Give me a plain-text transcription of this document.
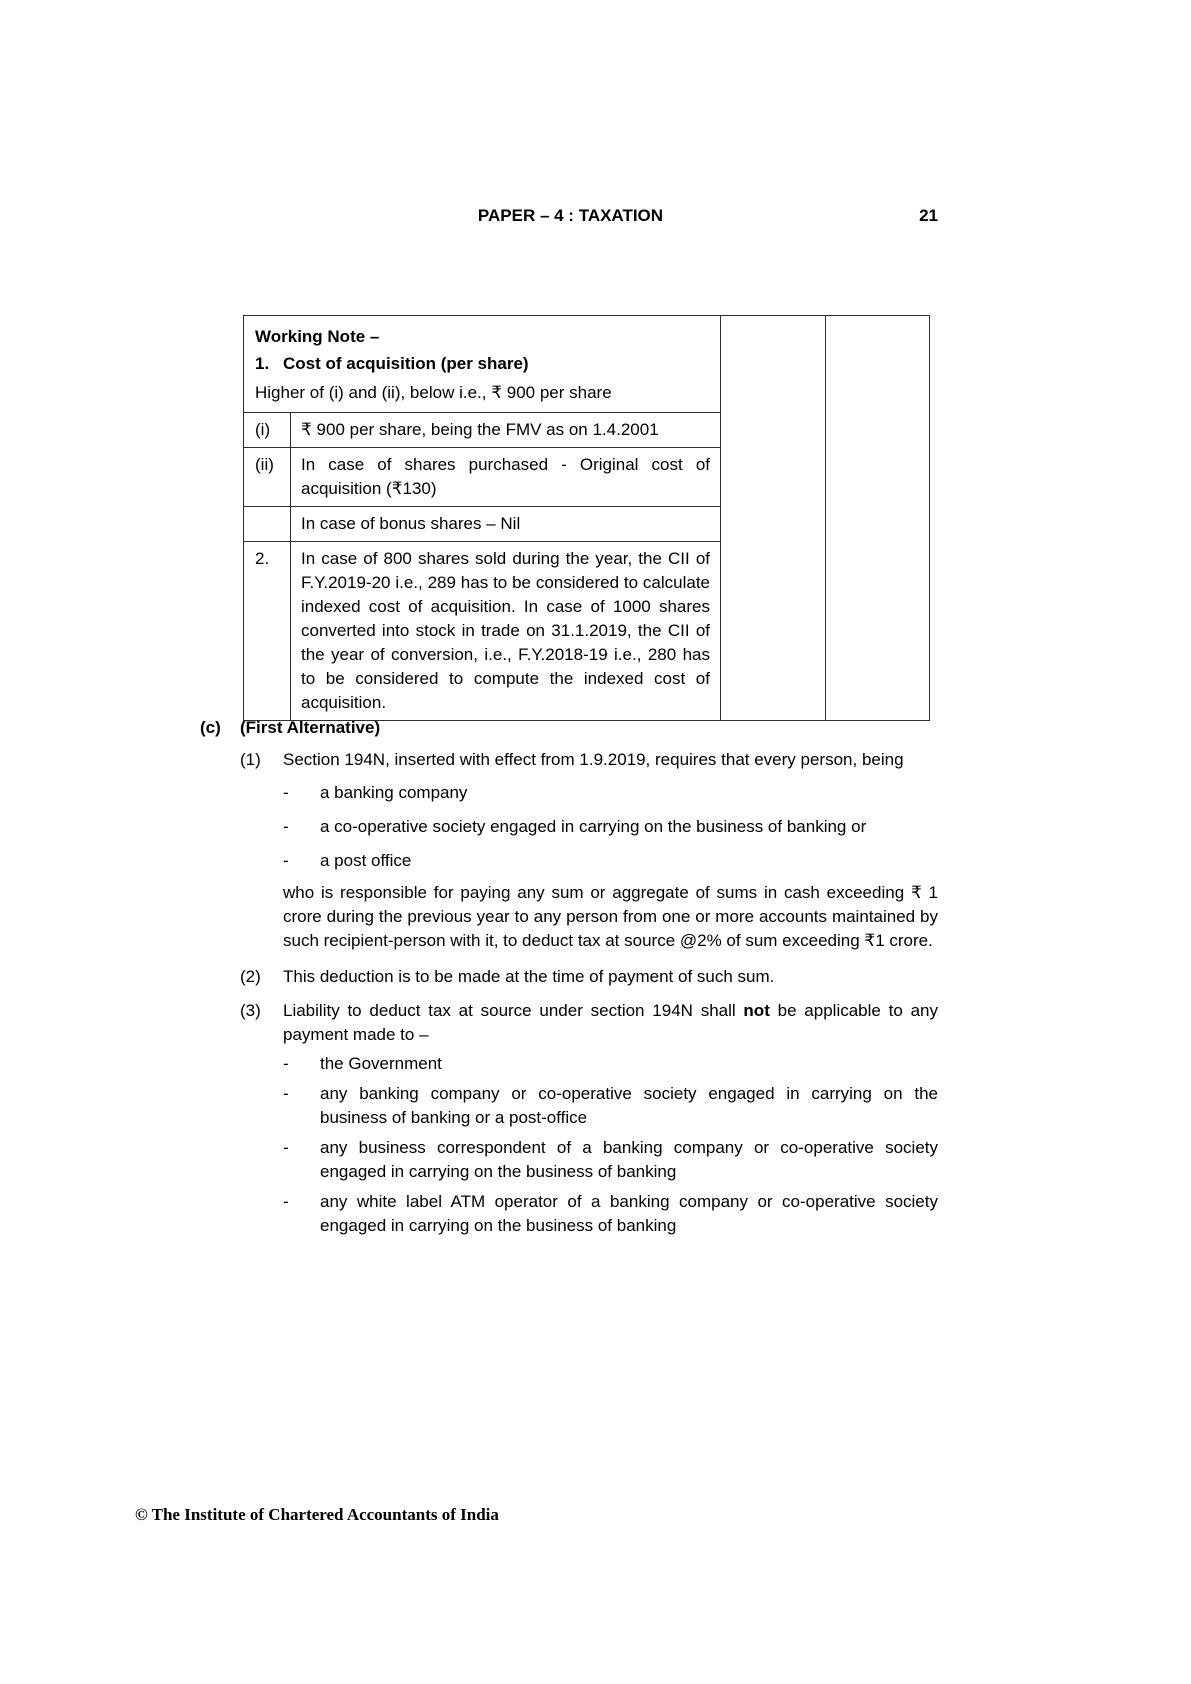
PAPER – 4 : TAXATION	21
Working Note –
1. Cost of acquisition (per share)
Higher of (i) and (ii), below i.e., ₹ 900 per share
(i)	₹ 900 per share, being the FMV as on 1.4.2001
(ii)	In case of shares purchased - Original cost of acquisition (₹130)
In case of bonus shares – Nil
2.	In case of 800 shares sold during the year, the CII of F.Y.2019-20 i.e., 289 has to be considered to calculate indexed cost of acquisition. In case of 1000 shares converted into stock in trade on 31.1.2019, the CII of the year of conversion, i.e., F.Y.2018-19 i.e., 280 has to be considered to compute the indexed cost of acquisition.
(c)	(First Alternative)
(1)	Section 194N, inserted with effect from 1.9.2019, requires that every person, being

-	a banking company
-	a co-operative society engaged in carrying on the business of banking or
-	a post office

who is responsible for paying any sum or aggregate of sums in cash exceeding ₹ 1 crore during the previous year to any person from one or more accounts maintained by such recipient-person with it, to deduct tax at source @2% of sum exceeding ₹1 crore.

(2)	This deduction is to be made at the time of payment of such sum.

(3)	Liability to deduct tax at source under section 194N shall not be applicable to any payment made to –

-	the Government
-	any banking company or co-operative society engaged in carrying on the business of banking or a post-office
-	any business correspondent of a banking company or co-operative society engaged in carrying on the business of banking
-	any white label ATM operator of a banking company or co-operative society engaged in carrying on the business of banking
© The Institute of Chartered Accountants of India
